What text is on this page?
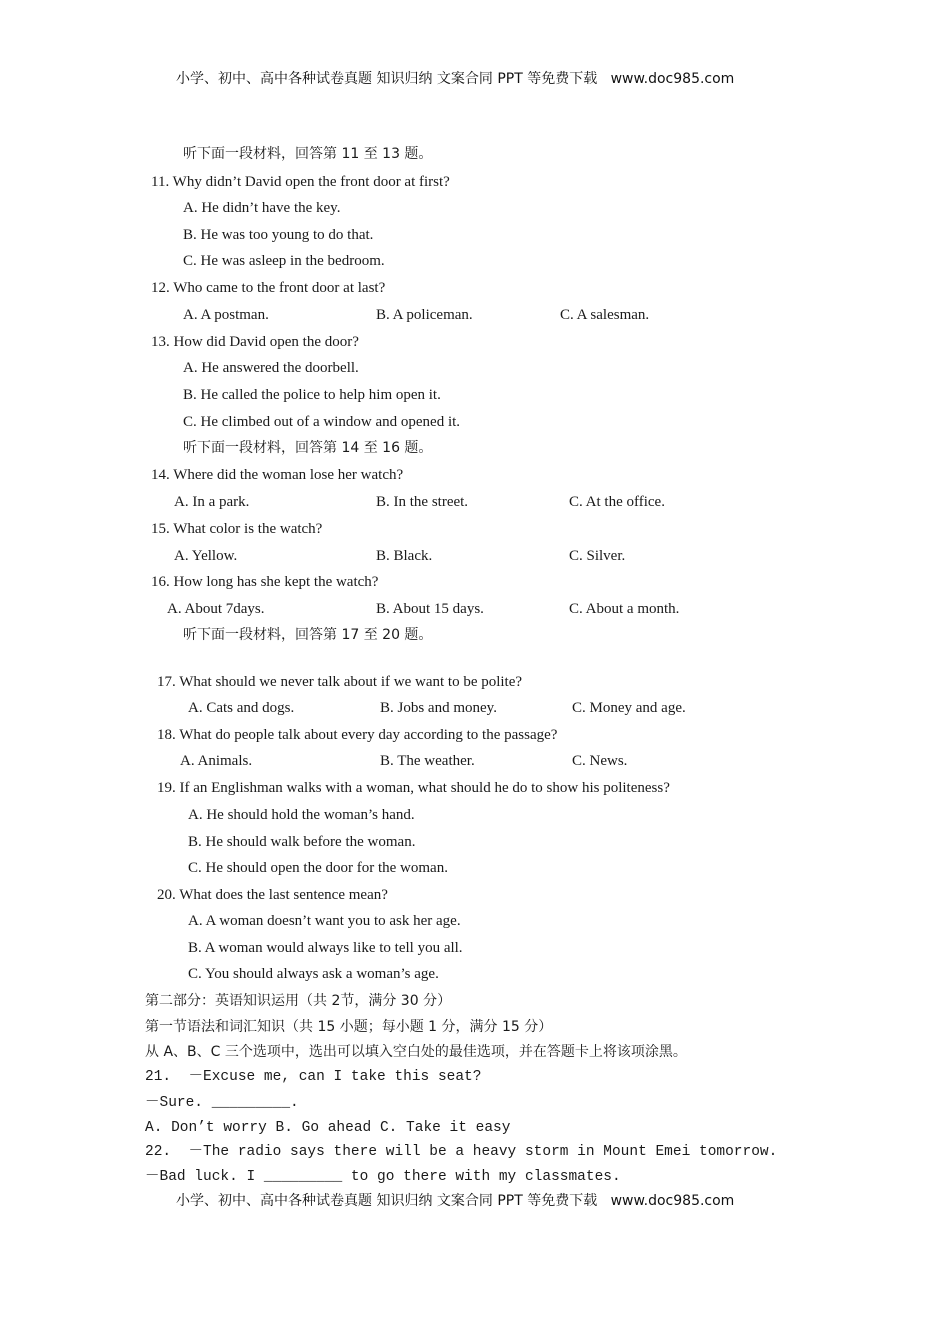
小学、初中、高中各种试卷真题 知识归纳 文案合同 PPT 等免费下载   www.doc985.com
听下面一段材料，回答第 11 至 13 题。
11. Why didn’t David open the front door at first?
A. He didn’t have the key.
B. He was too young to do that.
C. He was asleep in the bedroom.
12. Who came to the front door at last?
A. A postman.	B. A policeman.	C. A salesman.
13. How did David open the door?
A. He answered the doorbell.
B. He called the police to help him open it.
C. He climbed out of a window and opened it.
听下面一段材料，回答第 14 至 16 题。
14. Where did the woman lose her watch?
A. In a park.	B. In the street.	C. At the office.
15. What color is the watch?
A. Yellow.	B. Black.	C. Silver.
16. How long has she kept the watch?
A. About 7days.	B. About 15 days.	C. About a month.
听下面一段材料，回答第 17 至 20 题。
17. What should we never talk about if we want to be polite?
A. Cats and dogs.	B. Jobs and money.	C. Money and age.
18. What do people talk about every day according to the passage?
A. Animals.	B. The weather.	C. News.
19. If an Englishman walks with a woman, what should he do to show his politeness?
A. He should hold the woman’s hand.
B. He should walk before the woman.
C. He should open the door for the woman.
20. What does the last sentence mean?
A. A woman doesn’t want you to ask her age.
B. A woman would always like to tell you all.
C. You should always ask a woman’s age.
第二部分：英语知识运用（共 2节，满分 30 分）
第一节语法和词汇知识（共 15 小题；每小题 1 分，满分 15 分）
从 A、B、C 三个选项中，选出可以填入空白处的最佳选项，并在答题卡上将该项涂黑。
21.  －Excuse me, can I take this seat?
－Sure. _________.
A. Don’t worry B. Go ahead C. Take it easy
22.  －The radio says there will be a heavy storm in Mount Emei tomorrow.
－Bad luck. I _________ to go there with my classmates.
小学、初中、高中各种试卷真题 知识归纳 文案合同 PPT 等免费下载   www.doc985.com
